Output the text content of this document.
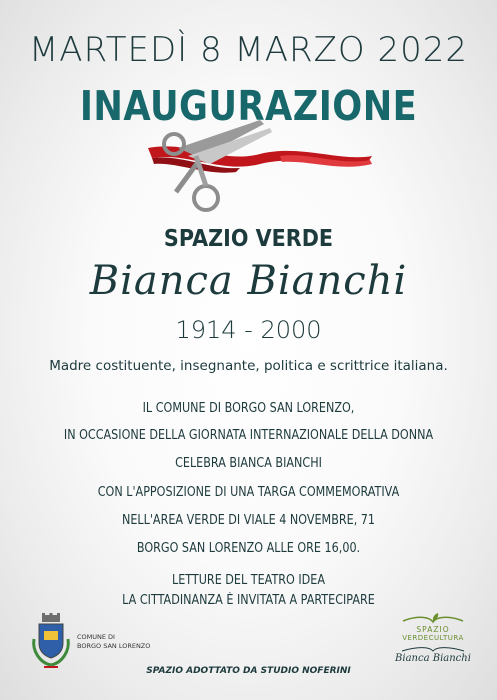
MARTEDÌ 8 MARZO 2022
INAUGURAZIONE
SPAZIO VERDE
Bianca Bianchi
1914 - 2000
Madre costituente, insegnante, politica e scrittrice italiana.
IL COMUNE DI BORGO SAN LORENZO,
IN OCCASIONE DELLA GIORNATA INTERNAZIONALE DELLA DONNA
CELEBRA BIANCA BIANCHI
CON L'APPOSIZIONE DI UNA TARGA COMMEMORATIVA
NELL'AREA VERDE DI VIALE 4 NOVEMBRE, 71
BORGO SAN LORENZO ALLE ORE 16,00.
LETTURE DEL TEATRO IDEA
LA CITTADINANZA È INVITATA A PARTECIPARE
COMUNE DI
BORGO SAN LORENZO
SPAZIO ADOTTATO DA STUDIO NOFERINI
SPAZIO
VERDECULTURA
Bianca Bianchi
